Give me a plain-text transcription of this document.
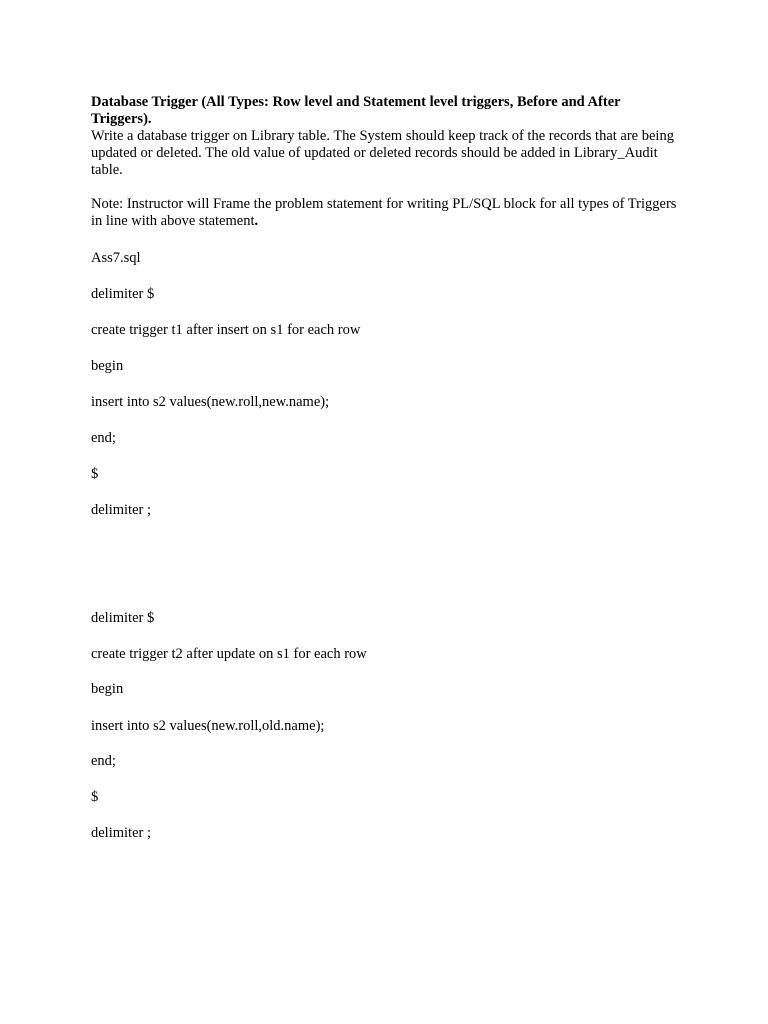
Database Trigger (All Types: Row level and Statement level triggers, Before and After Triggers).

Write a database trigger on Library table. The System should keep track of the records that are being updated or deleted. The old value of updated or deleted records should be added in Library_Audit table.

Note: Instructor will Frame the problem statement for writing PL/SQL block for all types of Triggers in line with above statement.

Ass7.sql
delimiter $
create trigger t1 after insert on s1 for each row
begin
insert into s2 values(new.roll,new.name);
end;
$
delimiter ;
delimiter $
create trigger t2 after update on s1 for each row
begin
insert into s2 values(new.roll,old.name);
end;
$
delimiter ;
